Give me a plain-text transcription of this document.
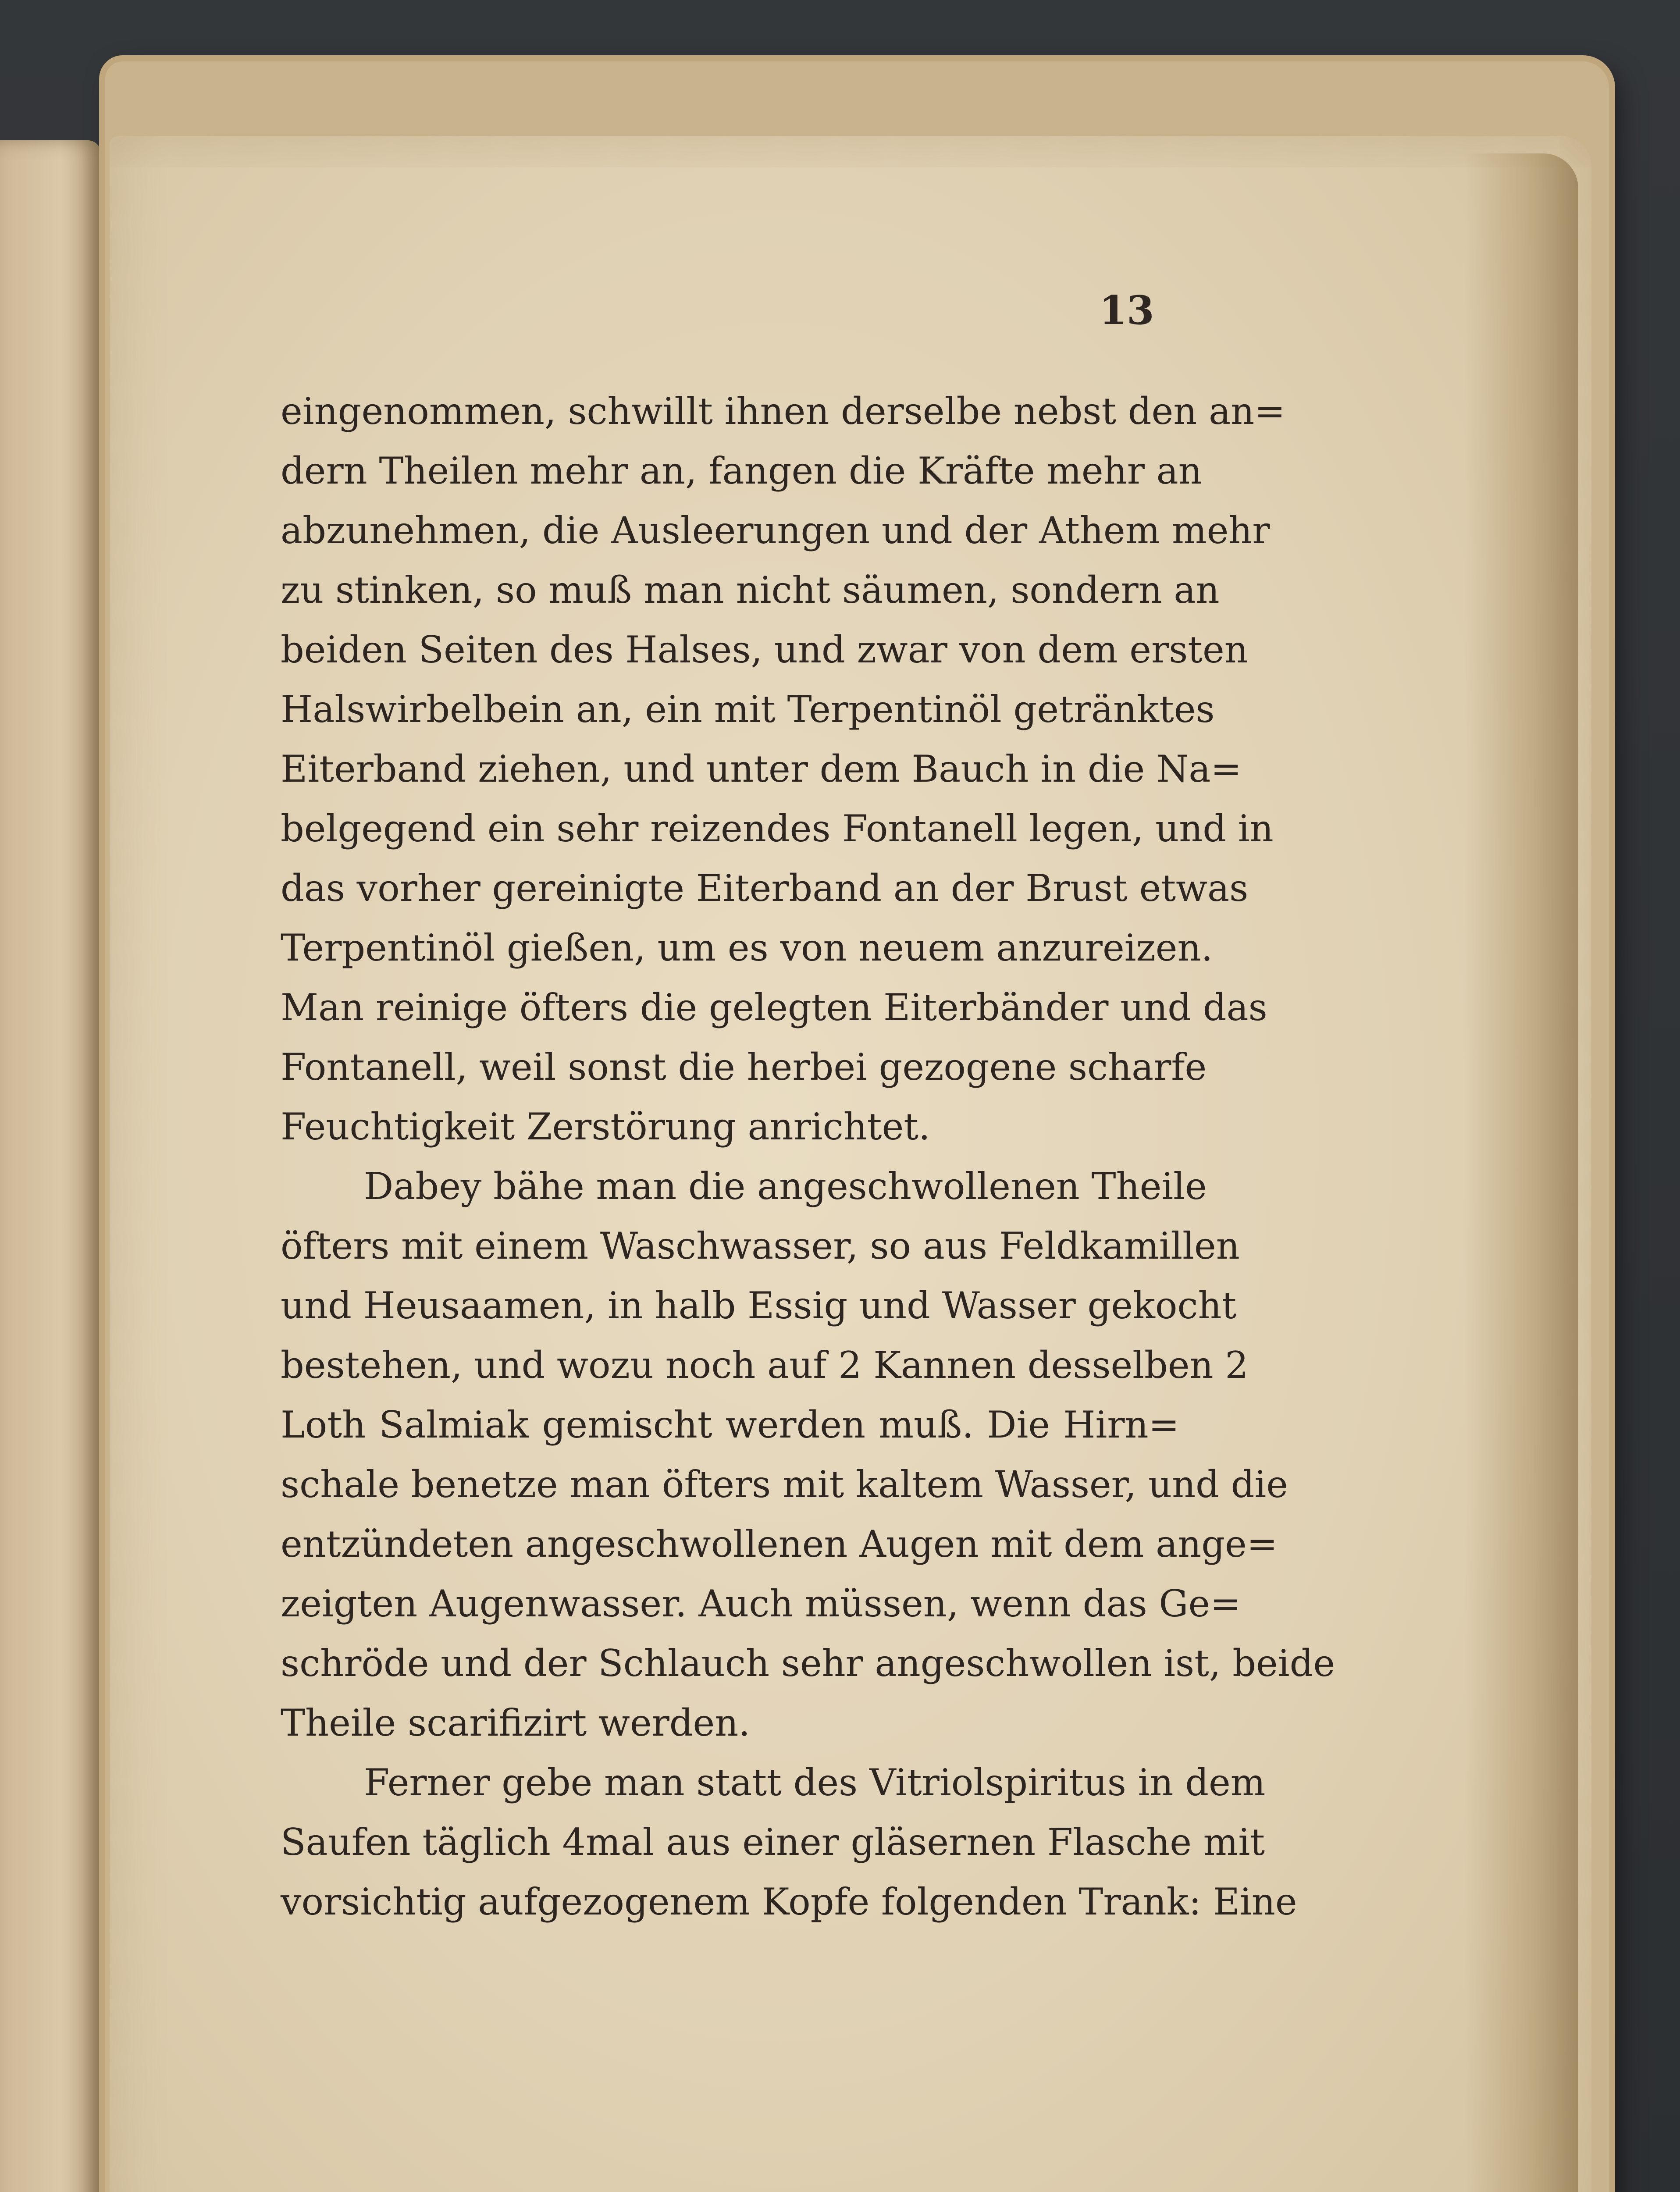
13
eingenommen, schwillt ihnen derselbe nebst den an=
dern Theilen mehr an, fangen die Kräfte mehr an
abzunehmen, die Ausleerungen und der Athem mehr
zu stinken, so muß man nicht säumen, sondern an
beiden Seiten des Halses, und zwar von dem ersten
Halswirbelbein an, ein mit Terpentinöl getränktes
Eiterband ziehen, und unter dem Bauch in die Na=
belgegend ein sehr reizendes Fontanell legen, und in
das vorher gereinigte Eiterband an der Brust etwas
Terpentinöl gießen, um es von neuem anzureizen.
Man reinige öfters die gelegten Eiterbänder und das
Fontanell, weil sonst die herbei gezogene scharfe
Feuchtigkeit Zerstörung anrichtet.
Dabey bähe man die angeschwollenen Theile
öfters mit einem Waschwasser, so aus Feldkamillen
und Heusaamen, in halb Essig und Wasser gekocht
bestehen, und wozu noch auf 2 Kannen desselben 2
Loth Salmiak gemischt werden muß. Die Hirn=
schale benetze man öfters mit kaltem Wasser, und die
entzündeten angeschwollenen Augen mit dem ange=
zeigten Augenwasser. Auch müssen, wenn das Ge=
schröde und der Schlauch sehr angeschwollen ist, beide
Theile scarifizirt werden.
Ferner gebe man statt des Vitriolspiritus in dem
Saufen täglich 4mal aus einer gläsernen Flasche mit
vorsichtig aufgezogenem Kopfe folgenden Trank: Eine
